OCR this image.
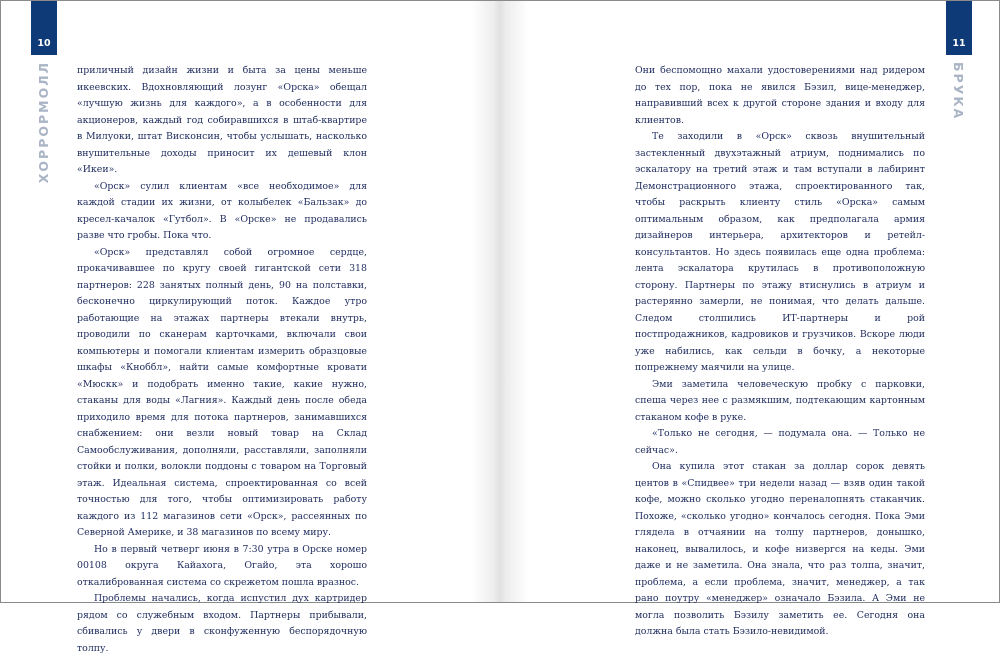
10
ХОРРОРМОЛЛ	приличный дизайн жизни и быта за цены меньше икеевских. Вдохновляющий лозунг «Орска» обещал «лучшую жизнь для каждого», а в особенности для акционеров, каждый год собиравшихся в штаб-квартире в Милуоки, штат Висконсин, чтобы услышать, насколько внушительные доходы приносит их дешевый клон «Икеи».

«Орск» сулил клиентам «все необходимое» для каждой стадии их жизни, от колыбелек «Бальзак» до кресел-качалок «Гутбол». В «Орске» не продавались разве что гробы. Пока что.

«Орск» представлял собой огромное сердце, прокачивавшее по кругу своей гигантской сети 318 партнеров: 228 занятых полный день, 90 на полставки, бесконечно циркулирующий поток. Каждое утро работающие на этажах партнеры втекали внутрь, проводили по сканерам карточками, включали свои компьютеры и помогали клиентам измерить образцовые шкафы «Кноббл», найти самые комфортные кровати «Мюскк» и подобрать именно такие, какие нужно, стаканы для воды «Лагния». Каждый день после обеда приходило время для потока партнеров, занимавшихся снабжением: они везли новый товар на Склад Самообслуживания, дополняли, расставляли, заполняли стойки и полки, волокли поддоны с товаром на Торговый этаж. Идеальная система, спроектированная со всей точностью для того, чтобы оптимизировать работу каждого из 112 магазинов сети «Орск», рассеянных по Северной Америке, и 38 магазинов по всему миру.

Но в первый четверг июня в 7:30 утра в Орске номер 00108 округа Кайахога, Огайо, эта хорошо откалиброванная система со скрежетом пошла вразнос.

Проблемы начались, когда испустил дух картридер рядом со служебным входом. Партнеры прибывали, сбивались у двери в сконфуженную беспорядочную толпу.

11
БРУКА

Они беспомощно махали удостоверениями над ридером до тех пор, пока не явился Бэзил, вице-менеджер, направивший всех к другой стороне здания и входу для клиентов.

Те заходили в «Орск» сквозь внушительный застекленный двухэтажный атриум, поднимались по эскалатору на третий этаж и там вступали в лабиринт Демонстрационного этажа, спроектированного так, чтобы раскрыть клиенту стиль «Орска» самым оптимальным образом, как предполагала армия дизайнеров интерьера, архитекторов и ретейл-консультантов. Но здесь появилась еще одна проблема: лента эскалатора крутилась в противоположную сторону. Партнеры по этажу втиснулись в атриум и растерянно замерли, не понимая, что делать дальше. Следом столпились ИТ-партнеры и рой постпродажников, кадровиков и грузчиков. Вскоре люди уже набились, как сельди в бочку, а некоторые попрежнему маячили на улице.

Эми заметила человеческую пробку с парковки, спеша через нее с размякшим, подтекающим картонным стаканом кофе в руке.

«Только не сегодня, — подумала она. — Только не сейчас».

Она купила этот стакан за доллар сорок девять центов в «Спидвее» три недели назад — взяв один такой кофе, можно сколько угодно переналопнять стаканчик. Похоже, «сколько угодно» кончалось сегодня. Пока Эми глядела в отчаянии на толпу партнеров, донышко, наконец, вывалилось, и кофе низвергся на кеды. Эми даже и не заметила. Она знала, что раз толпа, значит, проблема, а если проблема, значит, менеджер, а так рано поутру «менеджер» означало Бэзила. А Эми не могла позволить Бэзилу заметить ее. Сегодня она должна была стать Бэзило-невидимой.
